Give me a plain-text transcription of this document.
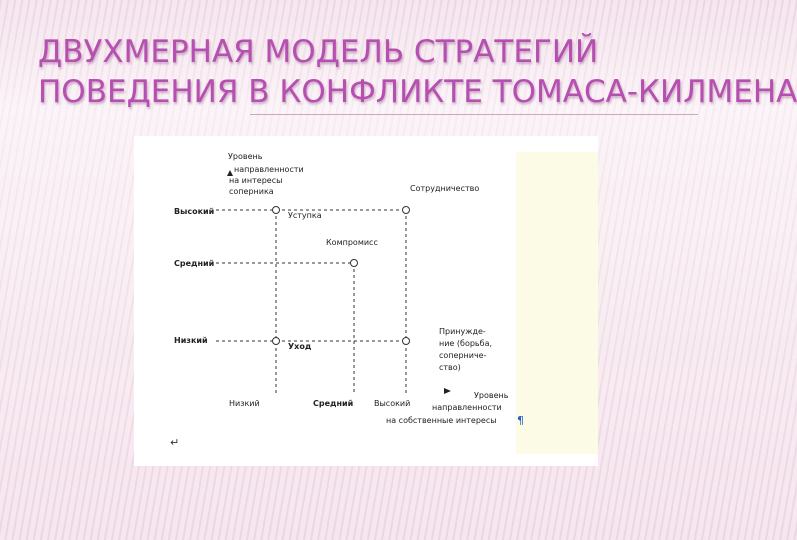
ДВУХМЕРНАЯ МОДЕЛЬ СТРАТЕГИЙ
ПОВЕДЕНИЯ В КОНФЛИКТЕ ТОМАСА-КИЛМЕНА
Уровень
направленности
на интересы
соперника
Высокий
Средний
Низкий
Сотрудничество
Уступка
Компромисс
Уход
Принужде-
ние (борьба,
соперниче-
ство)
Низкий	Средний	Высокий
Уровень
направленности
на собственные интересы ¶
↵
